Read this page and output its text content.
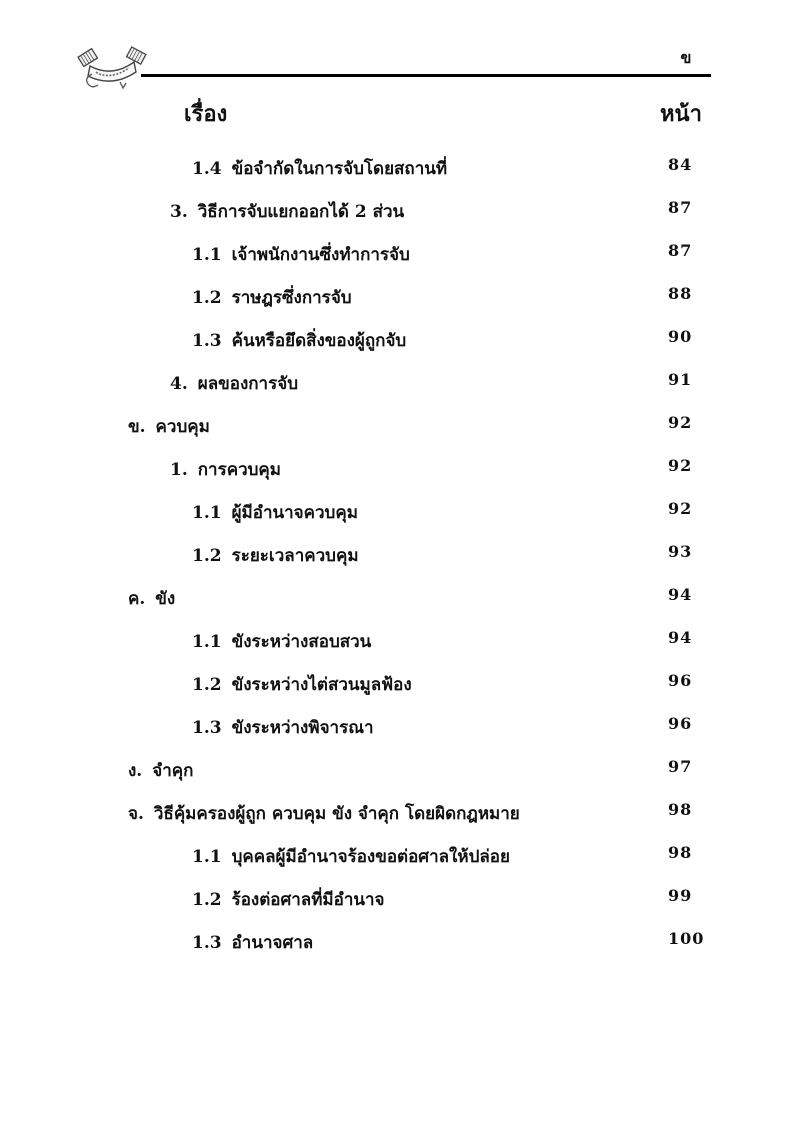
ข
เรื่อง	หน้า
1.4 ข้อจำกัดในการจับโดยสถานที่	84
3. วิธีการจับแยกออกได้ 2 ส่วน	87
1.1 เจ้าพนักงานซึ่งทำการจับ	87
1.2 ราษฎรซึ่งการจับ	88
1.3 ค้นหรือยึดสิ่งของผู้ถูกจับ	90
4. ผลของการจับ	91
ข. ควบคุม	92
1. การควบคุม	92
1.1 ผู้มีอำนาจควบคุม	92
1.2 ระยะเวลาควบคุม	93
ค. ขัง	94
1.1 ขังระหว่างสอบสวน	94
1.2 ขังระหว่างไต่สวนมูลฟ้อง	96
1.3 ขังระหว่างพิจารณา	96
ง. จำคุก	97
จ. วิธีคุ้มครองผู้ถูก ควบคุม ขัง จำคุก โดยผิดกฎหมาย	98
1.1 บุคคลผู้มีอำนาจร้องขอต่อศาลให้ปล่อย	98
1.2 ร้องต่อศาลที่มีอำนาจ	99
1.3 อำนาจศาล	100
